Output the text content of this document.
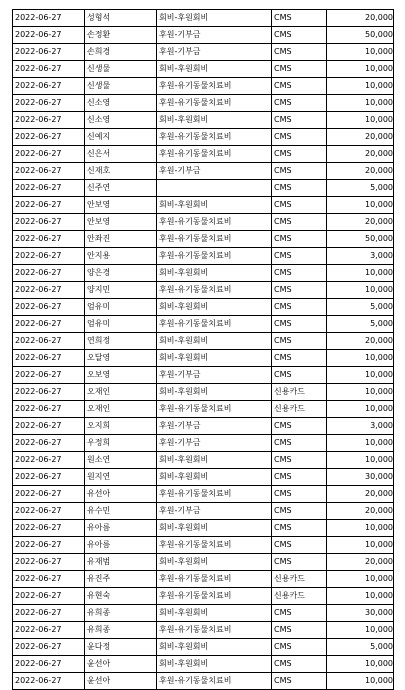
2022-06-27	성형석	회비-후원회비	CMS	20,000
2022-06-27	손정환	후원-기부금	CMS	50,000
2022-06-27	손희경	후원-기부금	CMS	10,000
2022-06-27	신생물	회비-후원회비	CMS	10,000
2022-06-27	신생물	후원-유기동물치료비	CMS	10,000
2022-06-27	신소영	후원-유기동물치료비	CMS	10,000
2022-06-27	신소영	회비-후원회비	CMS	10,000
2022-06-27	신예지	후원-유기동물치료비	CMS	20,000
2022-06-27	신은서	후원-유기동물치료비	CMS	20,000
2022-06-27	신재호	후원-기부금	CMS	20,000
2022-06-27	신주연		CMS	5,000
2022-06-27	안보영	회비-후원회비	CMS	10,000
2022-06-27	안보영	후원-유기동물치료비	CMS	20,000
2022-06-27	안좌진	후원-유기동물치료비	CMS	50,000
2022-06-27	안지용	후원-유기동물치료비	CMS	3,000
2022-06-27	양은경	회비-후원회비	CMS	10,000
2022-06-27	양지민	후원-유기동물치료비	CMS	10,000
2022-06-27	엄유미	회비-후원회비	CMS	5,000
2022-06-27	엄유미	후원-유기동물치료비	CMS	5,000
2022-06-27	연희정	회비-후원회비	CMS	20,000
2022-06-27	오달영	회비-후원회비	CMS	10,000
2022-06-27	오보영	후원-기부금	CMS	10,000
2022-06-27	오재인	회비-후원회비	신용카드	10,000
2022-06-27	오재인	후원-유기동물치료비	신용카드	10,000
2022-06-27	오지희	후원-기부금	CMS	3,000
2022-06-27	우정희	후원-기부금	CMS	10,000
2022-06-27	원소연	회비-후원회비	CMS	10,000
2022-06-27	원지연	회비-후원회비	CMS	30,000
2022-06-27	유선아	후원-유기동물치료비	CMS	20,000
2022-06-27	유수민	후원-기부금	CMS	20,000
2022-06-27	유아름	회비-후원회비	CMS	10,000
2022-06-27	유아름	후원-유기동물치료비	CMS	10,000
2022-06-27	유재범	회비-후원회비	CMS	20,000
2022-06-27	유진주	후원-유기동물치료비	신용카드	10,000
2022-06-27	유현숙	후원-유기동물치료비	신용카드	10,000
2022-06-27	유희종	회비-후원회비	CMS	30,000
2022-06-27	유희종	후원-유기동물치료비	CMS	10,000
2022-06-27	윤다정	회비-후원회비	CMS	5,000
2022-06-27	윤선아	회비-후원회비	CMS	10,000
2022-06-27	윤선아	후원-유기동물치료비	CMS	10,000
